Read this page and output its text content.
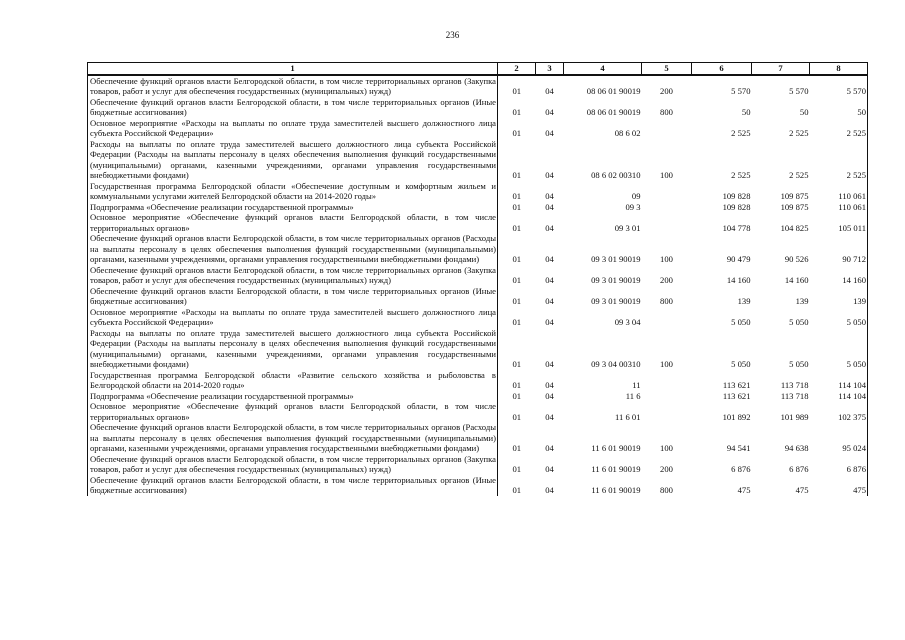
236
1	2	3	4	5	6	7	8
Обеспечение функций органов власти Белгородской области, в том числе территориальных органов (Закупка товаров, работ и услуг для обеспечения государственных (муниципальных) нужд)	01	04	08 06 01 90019	200	5 570	5 570	5 570
Обеспечение функций органов власти Белгородской области, в том числе территориальных органов (Иные бюджетные ассигнования)	01	04	08 06 01 90019	800	50	50	50
Основное мероприятие «Расходы на выплаты по оплате труда заместителей высшего должностного лица субъекта Российской Федерации»	01	04	08 6 02		2 525	2 525	2 525
Расходы на выплаты по оплате труда заместителей высшего должностного лица субъекта Российской Федерации (Расходы на выплаты персоналу в целях обеспечения выполнения функций государственными (муниципальными) органами, казенными учреждениями, органами управления государственными внебюджетными фондами)	01	04	08 6 02 00310	100	2 525	2 525	2 525
Государственная программа Белгородской области «Обеспечение доступным и комфортным жильем и коммунальными услугами жителей Белгородской области на 2014-2020 годы»	01	04	09		109 828	109 875	110 061
Подпрограмма «Обеспечение реализации государственной программы»	01	04	09 3		109 828	109 875	110 061
Основное мероприятие «Обеспечение функций органов власти Белгородской области, в том числе территориальных органов»	01	04	09 3 01		104 778	104 825	105 011
Обеспечение функций органов власти Белгородской области, в том числе территориальных органов (Расходы на выплаты персоналу в целях обеспечения выполнения функций государственными (муниципальными) органами, казенными учреждениями, органами управления государственными внебюджетными фондами)	01	04	09 3 01 90019	100	90 479	90 526	90 712
Обеспечение функций органов власти Белгородской области, в том числе территориальных органов (Закупка товаров, работ и услуг для обеспечения государственных (муниципальных) нужд)	01	04	09 3 01 90019	200	14 160	14 160	14 160
Обеспечение функций органов власти Белгородской области, в том числе территориальных органов (Иные бюджетные ассигнования)	01	04	09 3 01 90019	800	139	139	139
Основное мероприятие «Расходы на выплаты по оплате труда заместителей высшего должностного лица субъекта Российской Федерации»	01	04	09 3 04		5 050	5 050	5 050
Расходы на выплаты по оплате труда заместителей высшего должностного лица субъекта Российской Федерации (Расходы на выплаты персоналу в целях обеспечения выполнения функций государственными (муниципальными) органами, казенными учреждениями, органами управления государственными внебюджетными фондами)	01	04	09 3 04 00310	100	5 050	5 050	5 050
Государственная программа Белгородской области «Развитие сельского хозяйства и рыболовства в Белгородской области на 2014-2020 годы»	01	04	11		113 621	113 718	114 104
Подпрограмма «Обеспечение реализации государственной программы»	01	04	11 6		113 621	113 718	114 104
Основное мероприятие «Обеспечение функций органов власти Белгородской области, в том числе территориальных органов»	01	04	11 6 01		101 892	101 989	102 375
Обеспечение функций органов власти Белгородской области, в том числе территориальных органов (Расходы на выплаты персоналу в целях обеспечения выполнения функций государственными (муниципальными) органами, казенными учреждениями, органами управления государственными внебюджетными фондами)	01	04	11 6 01 90019	100	94 541	94 638	95 024
Обеспечение функций органов власти Белгородской области, в том числе территориальных органов (Закупка товаров, работ и услуг для обеспечения государственных (муниципальных) нужд)	01	04	11 6 01 90019	200	6 876	6 876	6 876
Обеспечение функций органов власти Белгородской области, в том числе территориальных органов (Иные бюджетные ассигнования)	01	04	11 6 01 90019	800	475	475	475
